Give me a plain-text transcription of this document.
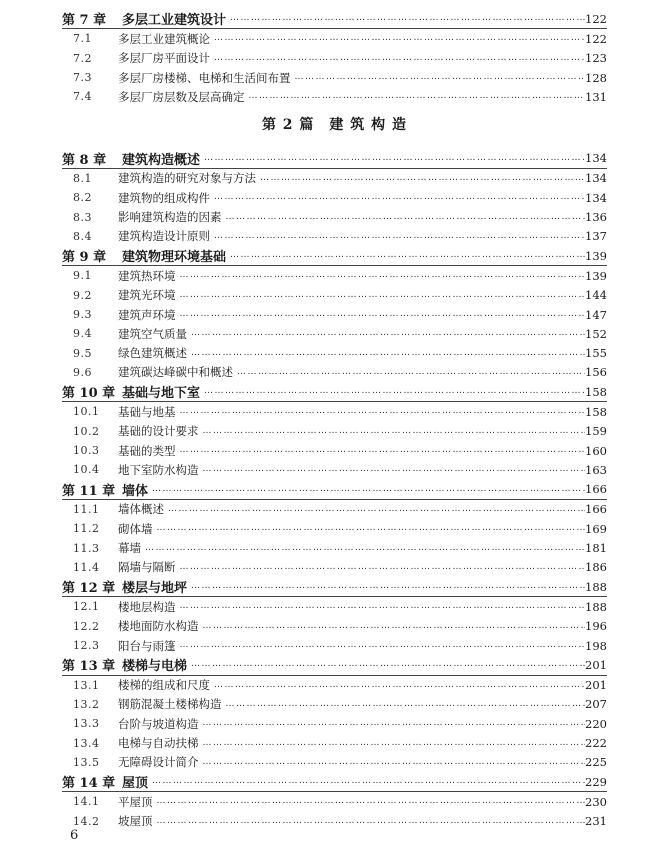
第 7 章	多层工业建筑设计 ……………………………………………………………………………………………………………………………………………………………………………………	122
7.1	多层工业建筑概论 ……………………………………………………………………………………………………………………………………………………………………………………	122
7.2	多层厂房平面设计 ……………………………………………………………………………………………………………………………………………………………………………………	123
7.3	多层厂房楼梯、电梯和生活间布置 ……………………………………………………………………………………………………………………………………………………………………………………	128
7.4	多层厂房层数及层高确定 ……………………………………………………………………………………………………………………………………………………………………………………	131
第 2 篇　建 筑 构 造
第 8 章	建筑构造概述 ……………………………………………………………………………………………………………………………………………………………………………………	134
8.1	建筑构造的研究对象与方法 ……………………………………………………………………………………………………………………………………………………………………………………	134
8.2	建筑物的组成构件 ……………………………………………………………………………………………………………………………………………………………………………………	134
8.3	影响建筑构造的因素 ……………………………………………………………………………………………………………………………………………………………………………………	136
8.4	建筑构造设计原则 ……………………………………………………………………………………………………………………………………………………………………………………	137
第 9 章	建筑物理环境基础 ……………………………………………………………………………………………………………………………………………………………………………………	139
9.1	建筑热环境 ……………………………………………………………………………………………………………………………………………………………………………………	139
9.2	建筑光环境 ……………………………………………………………………………………………………………………………………………………………………………………	144
9.3	建筑声环境 ……………………………………………………………………………………………………………………………………………………………………………………	147
9.4	建筑空气质量 ……………………………………………………………………………………………………………………………………………………………………………………	152
9.5	绿色建筑概述 ……………………………………………………………………………………………………………………………………………………………………………………	155
9.6	建筑碳达峰碳中和概述 ……………………………………………………………………………………………………………………………………………………………………………………	156
第 10 章 基础与地下室 ……………………………………………………………………………………………………………………………………………………………………………………	158
10.1	基础与地基 ……………………………………………………………………………………………………………………………………………………………………………………	158
10.2	基础的设计要求 ……………………………………………………………………………………………………………………………………………………………………………………	159
10.3	基础的类型 ……………………………………………………………………………………………………………………………………………………………………………………	160
10.4	地下室防水构造 ……………………………………………………………………………………………………………………………………………………………………………………	163
第 11 章 墙体 ……………………………………………………………………………………………………………………………………………………………………………………	166
11.1	墙体概述 ……………………………………………………………………………………………………………………………………………………………………………………	166
11.2	砌体墙 ……………………………………………………………………………………………………………………………………………………………………………………	169
11.3	幕墙 ……………………………………………………………………………………………………………………………………………………………………………………	181
11.4	隔墙与隔断 ……………………………………………………………………………………………………………………………………………………………………………………	186
第 12 章 楼层与地坪 ……………………………………………………………………………………………………………………………………………………………………………………	188
12.1	楼地层构造 ……………………………………………………………………………………………………………………………………………………………………………………	188
12.2	楼地面防水构造 ……………………………………………………………………………………………………………………………………………………………………………………	196
12.3	阳台与雨篷 ……………………………………………………………………………………………………………………………………………………………………………………	198
第 13 章 楼梯与电梯 ……………………………………………………………………………………………………………………………………………………………………………………	201
13.1	楼梯的组成和尺度 ……………………………………………………………………………………………………………………………………………………………………………………	201
13.2	钢筋混凝土楼梯构造 ……………………………………………………………………………………………………………………………………………………………………………………	207
13.3	台阶与坡道构造 ……………………………………………………………………………………………………………………………………………………………………………………	220
13.4	电梯与自动扶梯 ……………………………………………………………………………………………………………………………………………………………………………………	222
13.5	无障碍设计简介 ……………………………………………………………………………………………………………………………………………………………………………………	225
第 14 章 屋顶 ……………………………………………………………………………………………………………………………………………………………………………………	229
14.1	平屋顶 ……………………………………………………………………………………………………………………………………………………………………………………	230
14.2	坡屋顶 ……………………………………………………………………………………………………………………………………………………………………………………	231
6
